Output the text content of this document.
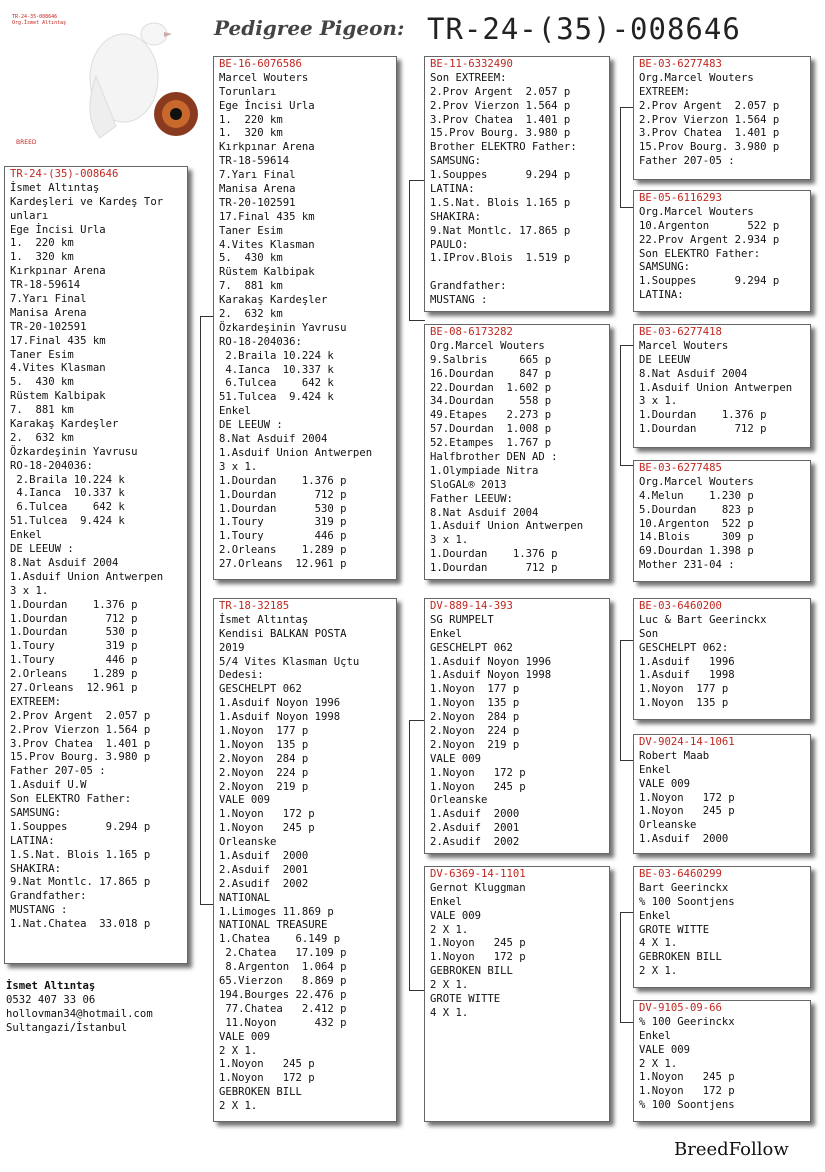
BREED
TR-24-35-008646
Org.İsmet Altıntaş	Pedigree Pigeon: TR-24-(35)-008646
TR-24-(35)-008646
İsmet Altıntaş
Kardeşleri ve Kardeş Tor
unları
Ege İncisi Urla
1.  220 km
1.  320 km
Kırkpınar Arena
TR-18-59614
7.Yarı Final
Manisa Arena
TR-20-102591
17.Final 435 km
Taner Esim
4.Vites Klasman
5.  430 km
Rüstem Kalbipak
7.  881 km
Karakaş Kardeşler
2.  632 km
Özkardeşinin Yavrusu
RO-18-204036:
2.Braila 10.224 k
4.Ianca  10.337 k
6.Tulcea    642 k
51.Tulcea  9.424 k
Enkel
DE LEEUW :
8.Nat Asduif 2004
1.Asduif Union Antwerpen
3 x 1.
1.Dourdan    1.376 p
1.Dourdan      712 p
1.Dourdan      530 p
1.Toury        319 p
1.Toury        446 p
2.Orleans    1.289 p
27.Orleans  12.961 p
EXTREEM:
2.Prov Argent  2.057 p
2.Prov Vierzon 1.564 p
3.Prov Chatea  1.401 p
15.Prov Bourg. 3.980 p
Father 207-05 :
1.Asduif U.W
Son ELEKTRO Father:
SAMSUNG:
1.Souppes      9.294 p
LATINA:
1.S.Nat. Blois 1.165 p
SHAKIRA:
9.Nat Montlc. 17.865 p
Grandfather:
MUSTANG :
1.Nat.Chatea  33.018 p
BE-16-6076586
Marcel Wouters
Torunları
Ege İncisi Urla
1.  220 km
1.  320 km
Kırkpınar Arena
TR-18-59614
7.Yarı Final
Manisa Arena
TR-20-102591
17.Final 435 km
Taner Esim
4.Vites Klasman
5.  430 km
Rüstem Kalbipak
7.  881 km
Karakaş Kardeşler
2.  632 km
Özkardeşinin Yavrusu
RO-18-204036:
2.Braila 10.224 k
4.Ianca  10.337 k
6.Tulcea    642 k
51.Tulcea  9.424 k
Enkel
DE LEEUW :
8.Nat Asduif 2004
1.Asduif Union Antwerpen
3 x 1.
1.Dourdan    1.376 p
1.Dourdan      712 p
1.Dourdan      530 p
1.Toury        319 p
1.Toury        446 p
2.Orleans    1.289 p
27.Orleans  12.961 p
TR-18-32185
İsmet Altıntaş
Kendisi BALKAN POSTA
2019
5/4 Vites Klasman Uçtu
Dedesi:
GESCHELPT 062
1.Asduif Noyon 1996
1.Asduif Noyon 1998
1.Noyon  177 p
1.Noyon  135 p
2.Noyon  284 p
2.Noyon  224 p
2.Noyon  219 p
VALE 009
1.Noyon   172 p
1.Noyon   245 p
Orleanske
1.Asduif  2000
2.Asduif  2001
2.Asudif  2002
NATIONAL
1.Limoges 11.869 p
NATIONAL TREASURE
1.Chatea    6.149 p
2.Chatea   17.109 p
8.Argenton  1.064 p
65.Vierzon   8.869 p
194.Bourges 22.476 p
77.Chatea   2.412 p
11.Noyon      432 p
VALE 009
2 X 1.
1.Noyon   245 p
1.Noyon   172 p
GEBROKEN BILL
2 X 1.
BE-11-6332490
Son EXTREEM:
2.Prov Argent  2.057 p
2.Prov Vierzon 1.564 p
3.Prov Chatea  1.401 p
15.Prov Bourg. 3.980 p
Brother ELEKTRO Father:
SAMSUNG:
1.Souppes      9.294 p
LATINA:
1.S.Nat. Blois 1.165 p
SHAKIRA:
9.Nat Montlc. 17.865 p
PAULO:
1.IProv.Blois  1.519 p
Grandfather:
MUSTANG :
BE-08-6173282
Org.Marcel Wouters
9.Salbris     665 p
16.Dourdan    847 p
22.Dourdan  1.602 p
34.Dourdan    558 p
49.Etapes   2.273 p
57.Dourdan  1.008 p
52.Etampes  1.767 p
Halfbrother DEN AD :
1.Olympiade Nitra
SloGAL® 2013
Father LEEUW:
8.Nat Asduif 2004
1.Asduif Union Antwerpen
3 x 1.
1.Dourdan    1.376 p
1.Dourdan      712 p
DV-889-14-393
SG RUMPELT
Enkel
GESCHELPT 062
1.Asduif Noyon 1996
1.Asduif Noyon 1998
1.Noyon  177 p
1.Noyon  135 p
2.Noyon  284 p
2.Noyon  224 p
2.Noyon  219 p
VALE 009
1.Noyon   172 p
1.Noyon   245 p
Orleanske
1.Asduif  2000
2.Asduif  2001
2.Asudif  2002
DV-6369-14-1101
Gernot Kluggman
Enkel
VALE 009
2 X 1.
1.Noyon   245 p
1.Noyon   172 p
GEBROKEN BILL
2 X 1.
GROTE WITTE
4 X 1.
BE-03-6277483
Org.Marcel Wouters
EXTREEM:
2.Prov Argent  2.057 p
2.Prov Vierzon 1.564 p
3.Prov Chatea  1.401 p
15.Prov Bourg. 3.980 p
Father 207-05 :
BE-05-6116293
Org.Marcel Wouters
10.Argenton      522 p
22.Prov Argent 2.934 p
Son ELEKTRO Father:
SAMSUNG:
1.Souppes      9.294 p
LATINA:
BE-03-6277418
Marcel Wouters
DE LEEUW
8.Nat Asduif 2004
1.Asduif Union Antwerpen
3 x 1.
1.Dourdan    1.376 p
1.Dourdan      712 p
BE-03-6277485
Org.Marcel Wouters
4.Melun    1.230 p
5.Dourdan    823 p
10.Argenton  522 p
14.Blois     309 p
69.Dourdan 1.398 p
Mother 231-04 :
BE-03-6460200
Luc & Bart Geerinckx
Son
GESCHELPT 062:
1.Asduif   1996
1.Asduif   1998
1.Noyon  177 p
1.Noyon  135 p
DV-9024-14-1061
Robert Maab
Enkel
VALE 009
1.Noyon   172 p
1.Noyon   245 p
Orleanske
1.Asduif  2000
BE-03-6460299
Bart Geerinckx
% 100 Soontjens
Enkel
GROTE WITTE
4 X 1.
GEBROKEN BILL
2 X 1.
DV-9105-09-66
% 100 Geerinckx
Enkel
VALE 009
2 X 1.
1.Noyon   245 p
1.Noyon   172 p
% 100 Soontjens
İsmet Altıntaş
0532 407 33 06
hollovman34@hotmail.com
Sultangazi/İstanbul
BreedFollow
